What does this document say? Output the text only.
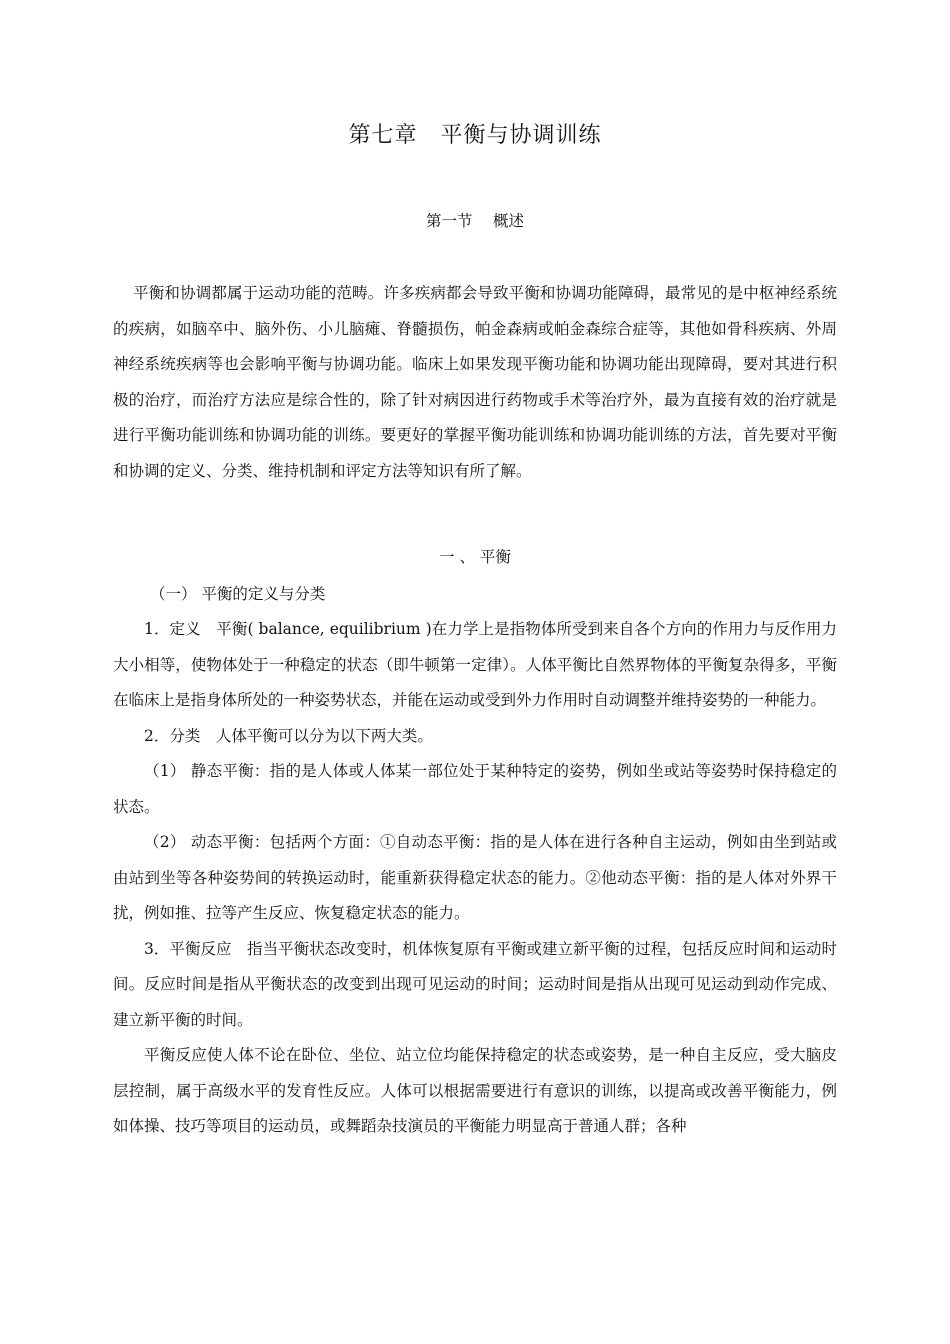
第七章　平衡与协调训练
第一节　 概述

平衡和协调都属于运动功能的范畴。许多疾病都会导致平衡和协调功能障碍，最常见的是中枢神经系统的疾病，如脑卒中、脑外伤、小儿脑瘫、脊髓损伤，帕金森病或帕金森综合症等，其他如骨科疾病、外周神经系统疾病等也会影响平衡与协调功能。临床上如果发现平衡功能和协调功能出现障碍，要对其进行积极的治疗，而治疗方法应是综合性的，除了针对病因进行药物或手术等治疗外，最为直接有效的治疗就是进行平衡功能训练和协调功能的训练。要更好的掌握平衡功能训练和协调功能训练的方法，首先要对平衡和协调的定义、分类、维持机制和评定方法等知识有所了解。

一 、 平衡
（一） 平衡的定义与分类

1．定义　平衡( balance, equilibrium )在力学上是指物体所受到来自各个方向的作用力与反作用力大小相等，使物体处于一种稳定的状态（即牛顿第一定律）。人体平衡比自然界物体的平衡复杂得多，平衡在临床上是指身体所处的一种姿势状态，并能在运动或受到外力作用时自动调整并维持姿势的一种能力。

2．分类　人体平衡可以分为以下两大类。

（1） 静态平衡：指的是人体或人体某一部位处于某种特定的姿势，例如坐或站等姿势时保持稳定的状态。

（2） 动态平衡：包括两个方面：①自动态平衡：指的是人体在进行各种自主运动，例如由坐到站或由站到坐等各种姿势间的转换运动时，能重新获得稳定状态的能力。②他动态平衡：指的是人体对外界干扰，例如推、拉等产生反应、恢复稳定状态的能力。

3．平衡反应　指当平衡状态改变时，机体恢复原有平衡或建立新平衡的过程，包括反应时间和运动时间。反应时间是指从平衡状态的改变到出现可见运动的时间；运动时间是指从出现可见运动到动作完成、建立新平衡的时间。

平衡反应使人体不论在卧位、坐位、站立位均能保持稳定的状态或姿势，是一种自主反应，受大脑皮层控制，属于高级水平的发育性反应。人体可以根据需要进行有意识的训练，以提高或改善平衡能力，例如体操、技巧等项目的运动员，或舞蹈杂技演员的平衡能力明显高于普通人群；各种
